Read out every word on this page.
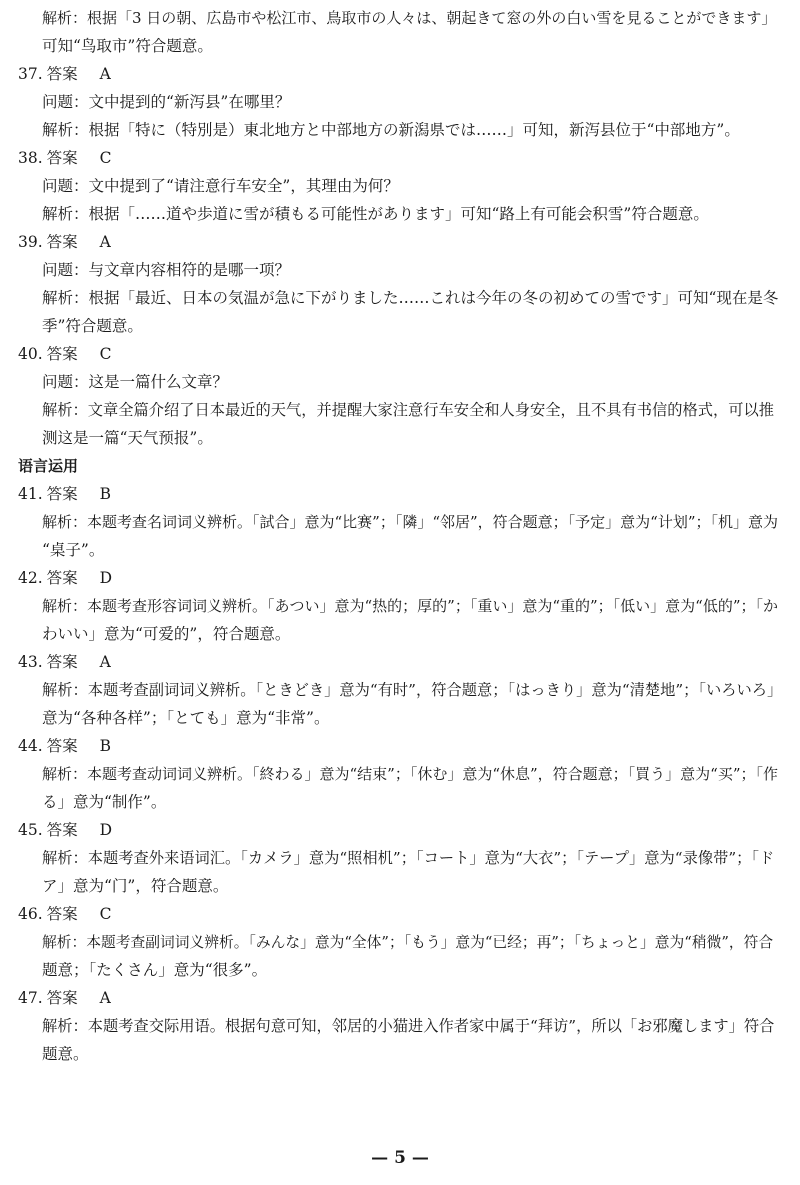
解析：根据「3 日の朝、広島市や松江市、鳥取市の人々は、朝起きて窓の外の白い雪を見ることができます」
可知“鸟取市”符合题意。
37. 答案 A
问题：文中提到的“新泻县”在哪里？
解析：根据「特に（特別是）東北地方と中部地方の新潟県では……」可知，新泻县位于“中部地方”。
38. 答案 C
问题：文中提到了“请注意行车安全”，其理由为何？
解析：根据「……道や歩道に雪が積もる可能性があります」可知“路上有可能会积雪”符合题意。
39. 答案 A
问题：与文章内容相符的是哪一项？
解析：根据「最近、日本の気温が急に下がりました……これは今年の冬の初めての雪です」可知“现在是冬
季”符合题意。
40. 答案 C
问题：这是一篇什么文章？
解析：文章全篇介绍了日本最近的天气，并提醒大家注意行车安全和人身安全，且不具有书信的格式，可以推
测这是一篇“天气预报”。
语言运用
41. 答案 B
解析：本题考查名词词义辨析。「試合」意为“比赛”；「隣」“邻居”，符合题意；「予定」意为“计划”；「机」意为
“桌子”。
42. 答案 D
解析：本题考查形容词词义辨析。「あつい」意为“热的；厚的”；「重い」意为“重的”；「低い」意为“低的”；「か
わいい」意为“可爱的”，符合题意。
43. 答案 A
解析：本题考查副词词义辨析。「ときどき」意为“有时”，符合题意；「はっきり」意为“清楚地”；「いろいろ」
意为“各种各样”；「とても」意为“非常”。
44. 答案 B
解析：本题考查动词词义辨析。「終わる」意为“结束”；「休む」意为“休息”，符合题意；「買う」意为“买”；「作
る」意为“制作”。
45. 答案 D
解析：本题考查外来语词汇。「カメラ」意为“照相机”；「コート」意为“大衣”；「テープ」意为“录像带”；「ド
ア」意为“门”，符合题意。
46. 答案 C
解析：本题考查副词词义辨析。「みんな」意为“全体”；「もう」意为“已经；再”；「ちょっと」意为“稍微”，符合
题意；「たくさん」意为“很多”。
47. 答案 A
解析：本题考查交际用语。根据句意可知，邻居的小猫进入作者家中属于“拜访”，所以「お邪魔します」符合
题意。
— 5 —
